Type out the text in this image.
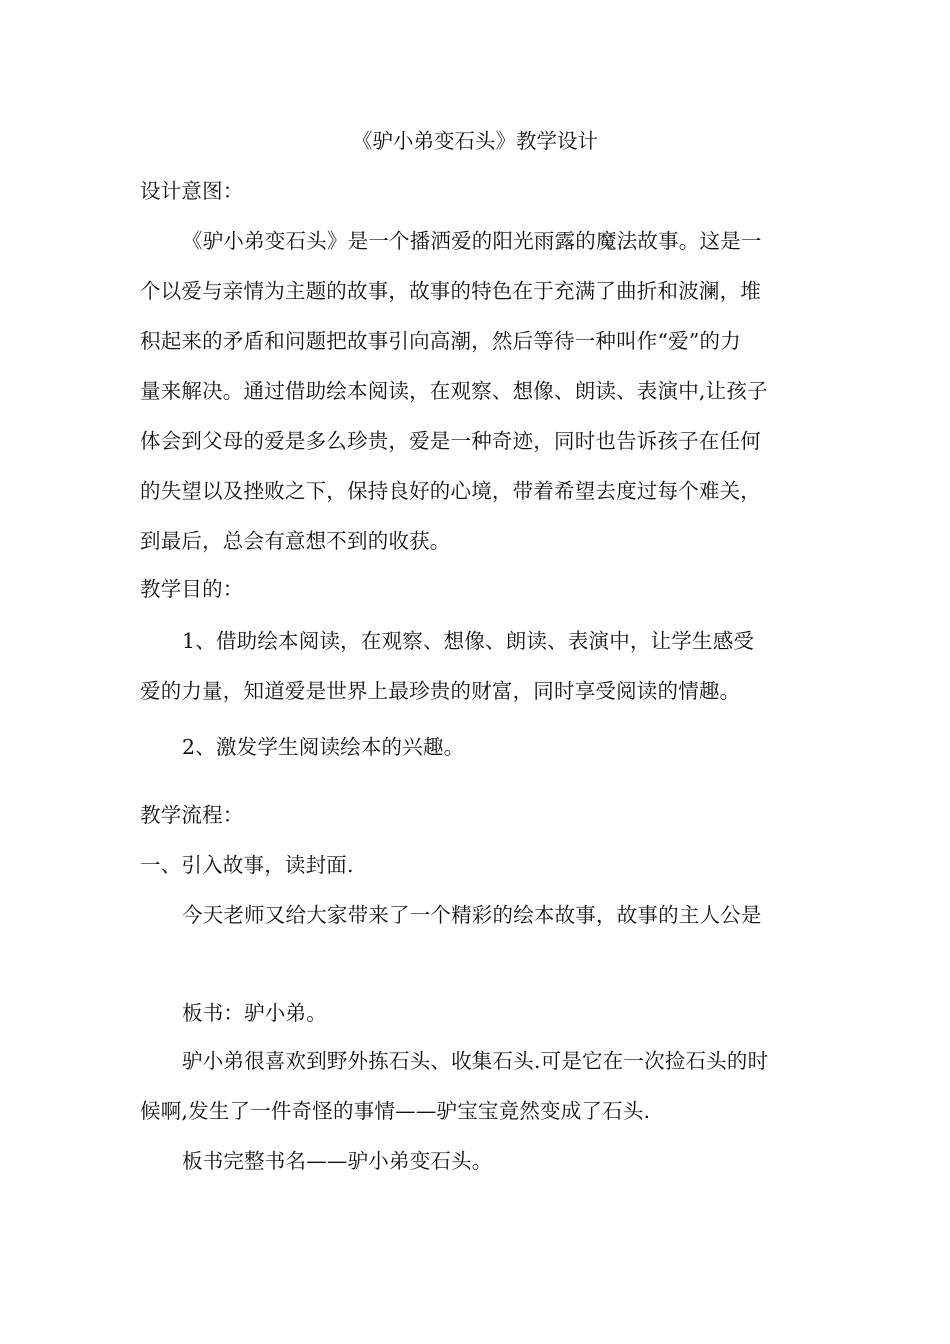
《驴小弟变石头》教学设计
设计意图：
《驴小弟变石头》是一个播洒爱的阳光雨露的魔法故事。这是一
个以爱与亲情为主题的故事，故事的特色在于充满了曲折和波澜，堆
积起来的矛盾和问题把故事引向高潮，然后等待一种叫作“爱”的力
量来解决。通过借助绘本阅读，在观察、想像、朗读、表演中,让孩子
体会到父母的爱是多么珍贵，爱是一种奇迹，同时也告诉孩子在任何
的失望以及挫败之下，保持良好的心境，带着希望去度过每个难关，
到最后，总会有意想不到的收获。
教学目的：
1、借助绘本阅读，在观察、想像、朗读、表演中，让学生感受
爱的力量，知道爱是世界上最珍贵的财富，同时享受阅读的情趣。
2、激发学生阅读绘本的兴趣。
教学流程：
一、引入故事，读封面.
今天老师又给大家带来了一个精彩的绘本故事，故事的主人公是
板书：驴小弟。
驴小弟很喜欢到野外拣石头、收集石头.可是它在一次捡石头的时
候啊,发生了一件奇怪的事情——驴宝宝竟然变成了石头.
板书完整书名——驴小弟变石头。
